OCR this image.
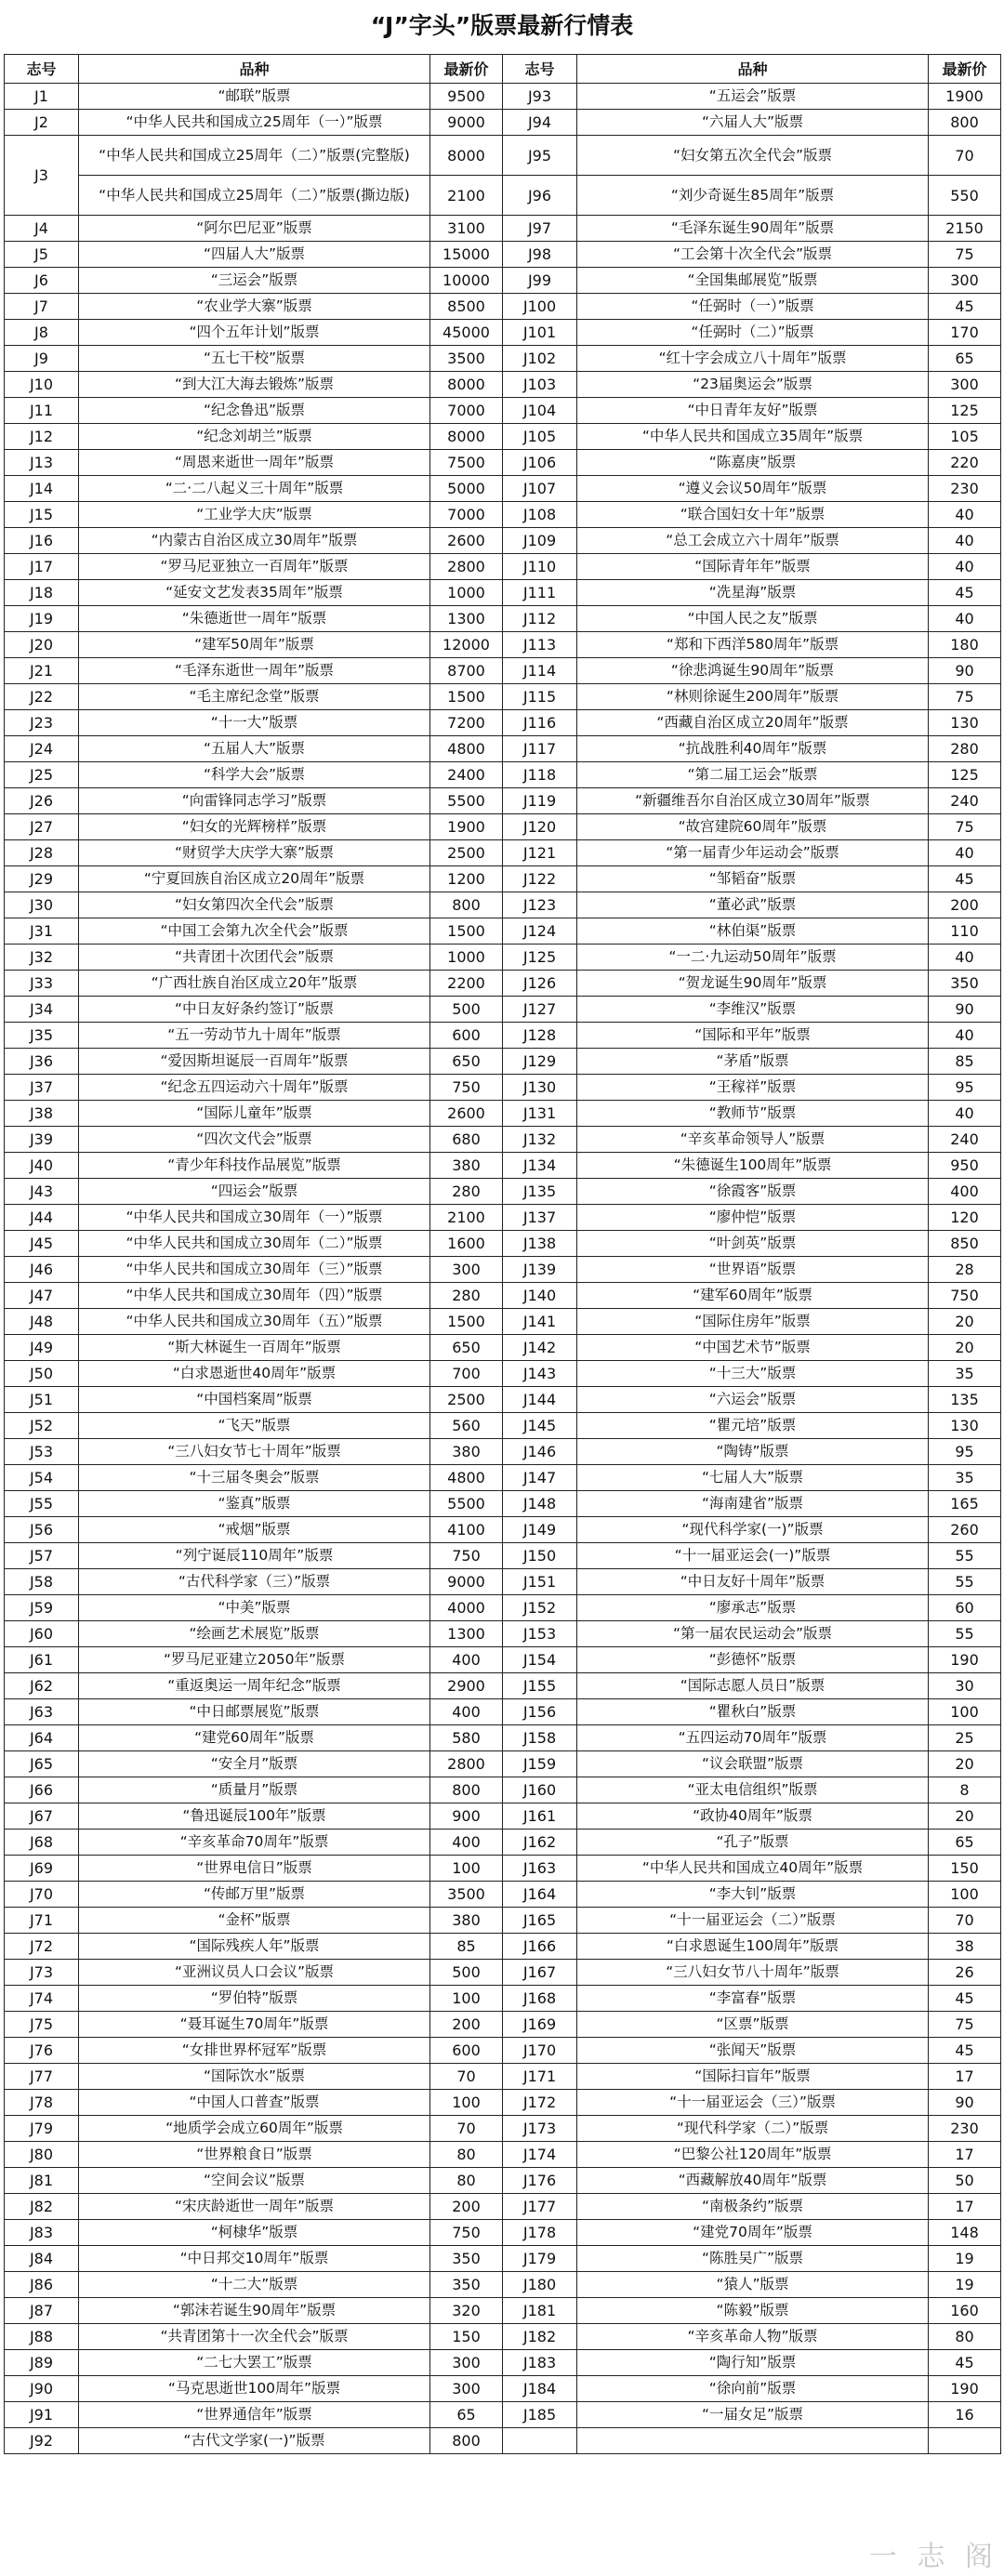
“J”字头”版票最新行情表
志号	品种	最新价	志号	品种	最新价
J1	“邮联”版票	9500	J93	“五运会”版票	1900
J2	“中华人民共和国成立25周年（一）”版票	9000	J94	“六届人大”版票	800
J3	“中华人民共和国成立25周年（二）”版票(完整版)	8000	J95	“妇女第五次全代会”版票	70
	“中华人民共和国成立25周年（二）”版票(撕边版)	2100	J96	“刘少奇诞生85周年”版票	550
J4	“阿尔巴尼亚”版票	3100	J97	“毛泽东诞生90周年”版票	2150
J5	“四届人大”版票	15000	J98	“工会第十次全代会”版票	75
J6	“三运会”版票	10000	J99	“全国集邮展览”版票	300
J7	“农业学大寨”版票	8500	J100	“任弼时（一）”版票	45
J8	“四个五年计划”版票	45000	J101	“任弼时（二）”版票	170
J9	“五七干校”版票	3500	J102	“红十字会成立八十周年”版票	65
J10	“到大江大海去锻炼”版票	8000	J103	“23届奥运会”版票	300
J11	“纪念鲁迅”版票	7000	J104	“中日青年友好”版票	125
J12	“纪念刘胡兰”版票	8000	J105	“中华人民共和国成立35周年”版票	105
J13	“周恩来逝世一周年”版票	7500	J106	“陈嘉庚”版票	220
J14	“二·二八起义三十周年”版票	5000	J107	“遵义会议50周年”版票	230
J15	“工业学大庆”版票	7000	J108	“联合国妇女十年”版票	40
J16	“内蒙古自治区成立30周年”版票	2600	J109	“总工会成立六十周年”版票	40
J17	“罗马尼亚独立一百周年”版票	2800	J110	“国际青年年”版票	40
J18	“延安文艺发表35周年”版票	1000	J111	“冼星海”版票	45
J19	“朱德逝世一周年”版票	1300	J112	“中国人民之友”版票	40
J20	“建军50周年”版票	12000	J113	“郑和下西洋580周年”版票	180
J21	“毛泽东逝世一周年”版票	8700	J114	“徐悲鸿诞生90周年”版票	90
J22	“毛主席纪念堂”版票	1500	J115	“林则徐诞生200周年”版票	75
J23	“十一大”版票	7200	J116	“西藏自治区成立20周年”版票	130
J24	“五届人大”版票	4800	J117	“抗战胜利40周年”版票	280
J25	“科学大会”版票	2400	J118	“第二届工运会”版票	125
J26	“向雷锋同志学习”版票	5500	J119	“新疆维吾尔自治区成立30周年”版票	240
J27	“妇女的光辉榜样”版票	1900	J120	“故宫建院60周年”版票	75
J28	“财贸学大庆学大寨”版票	2500	J121	“第一届青少年运动会”版票	40
J29	“宁夏回族自治区成立20周年”版票	1200	J122	“邹韬奋”版票	45
J30	“妇女第四次全代会”版票	800	J123	“董必武”版票	200
J31	“中国工会第九次全代会”版票	1500	J124	“林伯渠”版票	110
J32	“共青团十次团代会”版票	1000	J125	“一二·九运动50周年”版票	40
J33	“广西壮族自治区成立20年”版票	2200	J126	“贺龙诞生90周年”版票	350
J34	“中日友好条约签订”版票	500	J127	“李维汉”版票	90
J35	“五一劳动节九十周年”版票	600	J128	“国际和平年”版票	40
J36	“爱因斯坦诞辰一百周年”版票	650	J129	“茅盾”版票	85
J37	“纪念五四运动六十周年”版票	750	J130	“王稼祥”版票	95
J38	“国际儿童年”版票	2600	J131	“教师节”版票	40
J39	“四次文代会”版票	680	J132	“辛亥革命领导人”版票	240
J40	“青少年科技作品展览”版票	380	J134	“朱德诞生100周年”版票	950
J43	“四运会”版票	280	J135	“徐霞客”版票	400
J44	“中华人民共和国成立30周年（一）”版票	2100	J137	“廖仲恺”版票	120
J45	“中华人民共和国成立30周年（二）”版票	1600	J138	“叶剑英”版票	850
J46	“中华人民共和国成立30周年（三）”版票	300	J139	“世界语”版票	28
J47	“中华人民共和国成立30周年（四）”版票	280	J140	“建军60周年”版票	750
J48	“中华人民共和国成立30周年（五）”版票	1500	J141	“国际住房年”版票	20
J49	“斯大林诞生一百周年”版票	650	J142	“中国艺术节”版票	20
J50	“白求恩逝世40周年”版票	700	J143	“十三大”版票	35
J51	“中国档案周”版票	2500	J144	“六运会”版票	135
J52	“飞天”版票	560	J145	“瞿元培”版票	130
J53	“三八妇女节七十周年”版票	380	J146	“陶铸”版票	95
J54	“十三届冬奥会”版票	4800	J147	“七届人大”版票	35
J55	“鉴真”版票	5500	J148	“海南建省”版票	165
J56	“戒烟”版票	4100	J149	“现代科学家(一)”版票	260
J57	“列宁诞辰110周年”版票	750	J150	“十一届亚运会(一)”版票	55
J58	“古代科学家（三）”版票	9000	J151	“中日友好十周年”版票	55
J59	“中美”版票	4000	J152	“廖承志”版票	60
J60	“绘画艺术展览”版票	1300	J153	“第一届农民运动会”版票	55
J61	“罗马尼亚建立2050年”版票	400	J154	“彭德怀”版票	190
J62	“重返奥运一周年纪念”版票	2900	J155	“国际志愿人员日”版票	30
J63	“中日邮票展览”版票	400	J156	“瞿秋白”版票	100
J64	“建党60周年”版票	580	J158	“五四运动70周年”版票	25
J65	“安全月”版票	2800	J159	“议会联盟”版票	20
J66	“质量月”版票	800	J160	“亚太电信组织”版票	8
J67	“鲁迅诞辰100年”版票	900	J161	“政协40周年”版票	20
J68	“辛亥革命70周年”版票	400	J162	“孔子”版票	65
J69	“世界电信日”版票	100	J163	“中华人民共和国成立40周年”版票	150
J70	“传邮万里”版票	3500	J164	“李大钊”版票	100
J71	“金杯”版票	380	J165	“十一届亚运会（二）”版票	70
J72	“国际残疾人年”版票	85	J166	“白求恩诞生100周年”版票	38
J73	“亚洲议员人口会议”版票	500	J167	“三八妇女节八十周年”版票	26
J74	“罗伯特”版票	100	J168	“李富春”版票	45
J75	“聂耳诞生70周年”版票	200	J169	“区票”版票	75
J76	“女排世界杯冠军”版票	600	J170	“张闻天”版票	45
J77	“国际饮水”版票	70	J171	“国际扫盲年”版票	17
J78	“中国人口普查”版票	100	J172	“十一届亚运会（三）”版票	90
J79	“地质学会成立60周年”版票	70	J173	“现代科学家（二）”版票	230
J80	“世界粮食日”版票	80	J174	“巴黎公社120周年”版票	17
J81	“空间会议”版票	80	J176	“西藏解放40周年”版票	50
J82	“宋庆龄逝世一周年”版票	200	J177	“南极条约”版票	17
J83	“柯棣华”版票	750	J178	“建党70周年”版票	148
J84	“中日邦交10周年”版票	350	J179	“陈胜吴广”版票	19
J86	“十二大”版票	350	J180	“猿人”版票	19
J87	“郭沫若诞生90周年”版票	320	J181	“陈毅”版票	160
J88	“共青团第十一次全代会”版票	150	J182	“辛亥革命人物”版票	80
J89	“二七大罢工”版票	300	J183	“陶行知”版票	45
J90	“马克思逝世100周年”版票	300	J184	“徐向前”版票	190
J91	“世界通信年”版票	65	J185	“一届女足”版票	16
J92	“古代文学家(一)”版票	800			
一 志 阁
